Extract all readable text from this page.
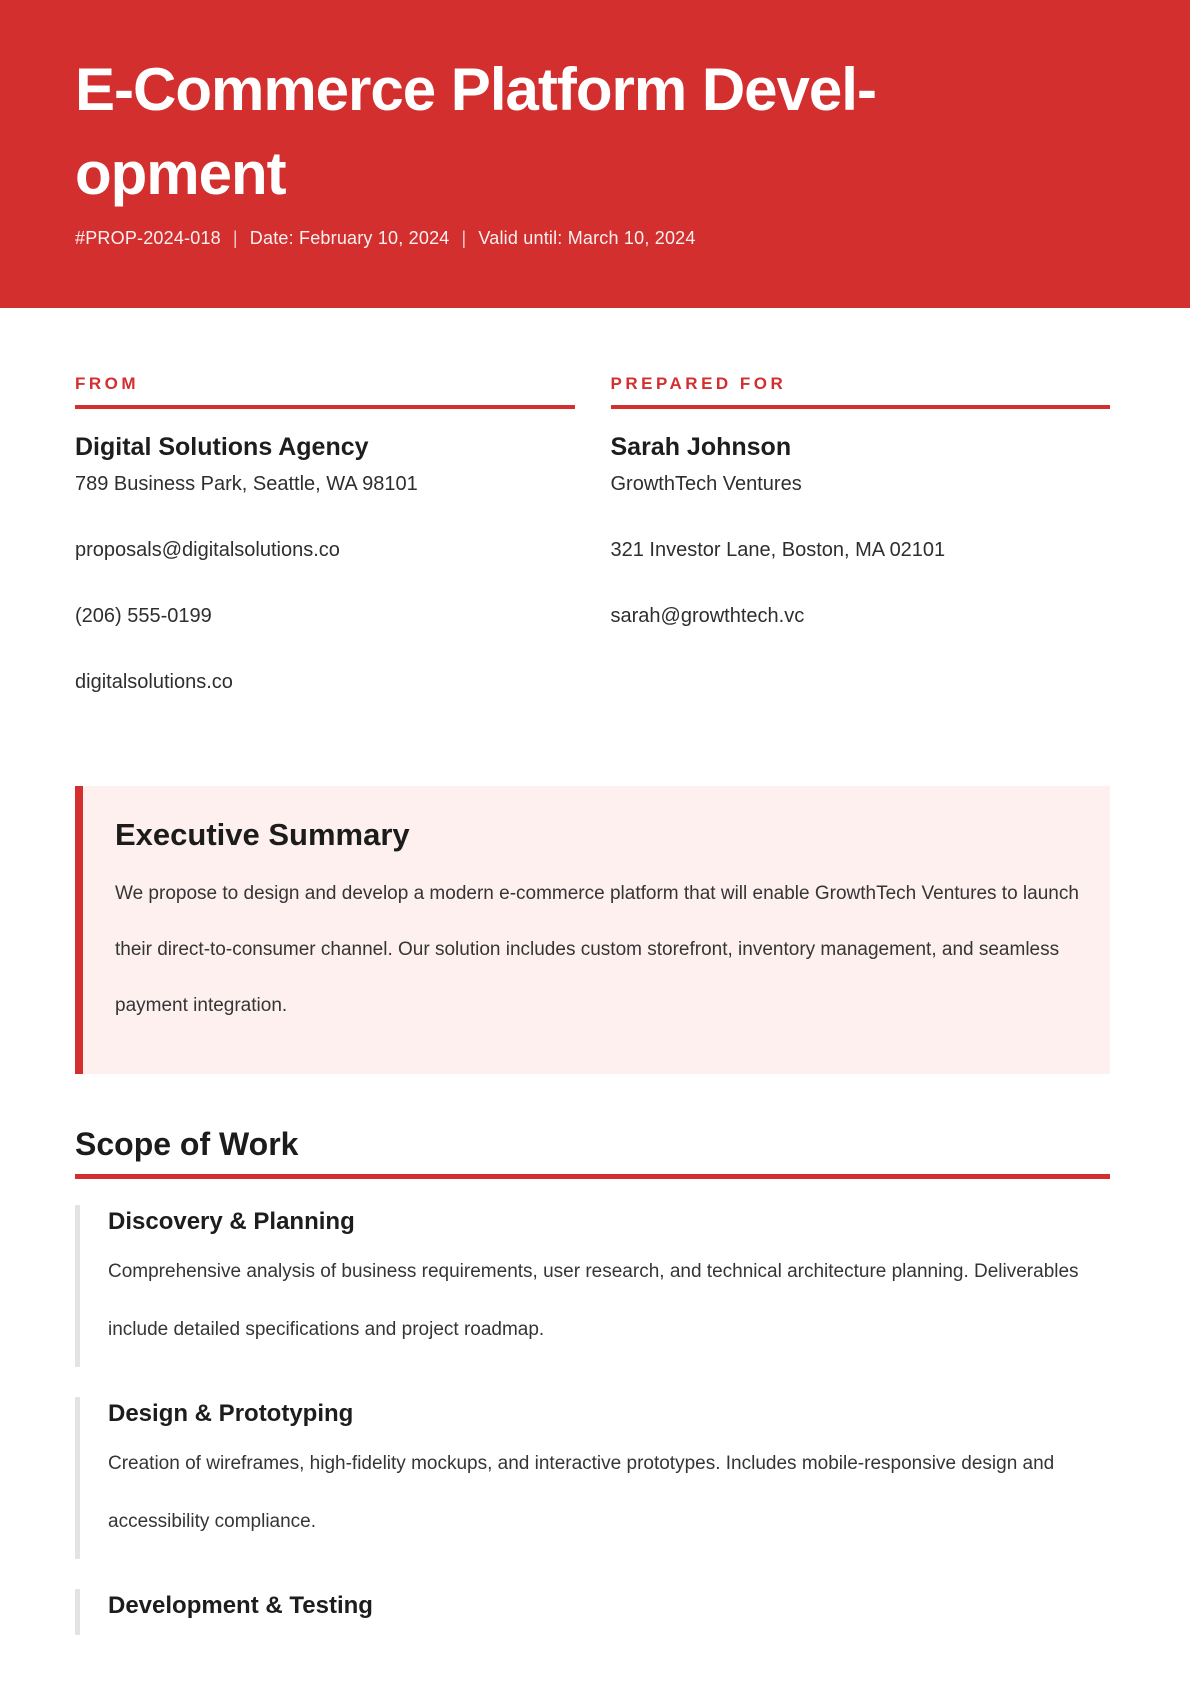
E-Commerce Platform Devel-
opment
#PROP-2024-018 | Date: February 10, 2024 | Valid until: March 10, 2024
FROM
Digital Solutions Agency

789 Business Park, Seattle, WA 98101

proposals@digitalsolutions.co

(206) 555-0199

digitalsolutions.co

PREPARED FOR
Sarah Johnson

GrowthTech Ventures

321 Investor Lane, Boston, MA 02101

sarah@growthtech.vc

Executive Summary

We propose to design and develop a modern e-commerce platform that will enable GrowthTech Ventures to launch their direct-to-consumer channel. Our solution includes custom storefront, inventory management, and seamless payment integration.

Scope of Work
Discovery & Planning

Comprehensive analysis of business requirements, user research, and technical architecture planning. Deliverables include detailed specifications and project roadmap.

Design & Prototyping

Creation of wireframes, high-fidelity mockups, and interactive prototypes. Includes mobile-responsive design and accessibility compliance.

Development & Testing
